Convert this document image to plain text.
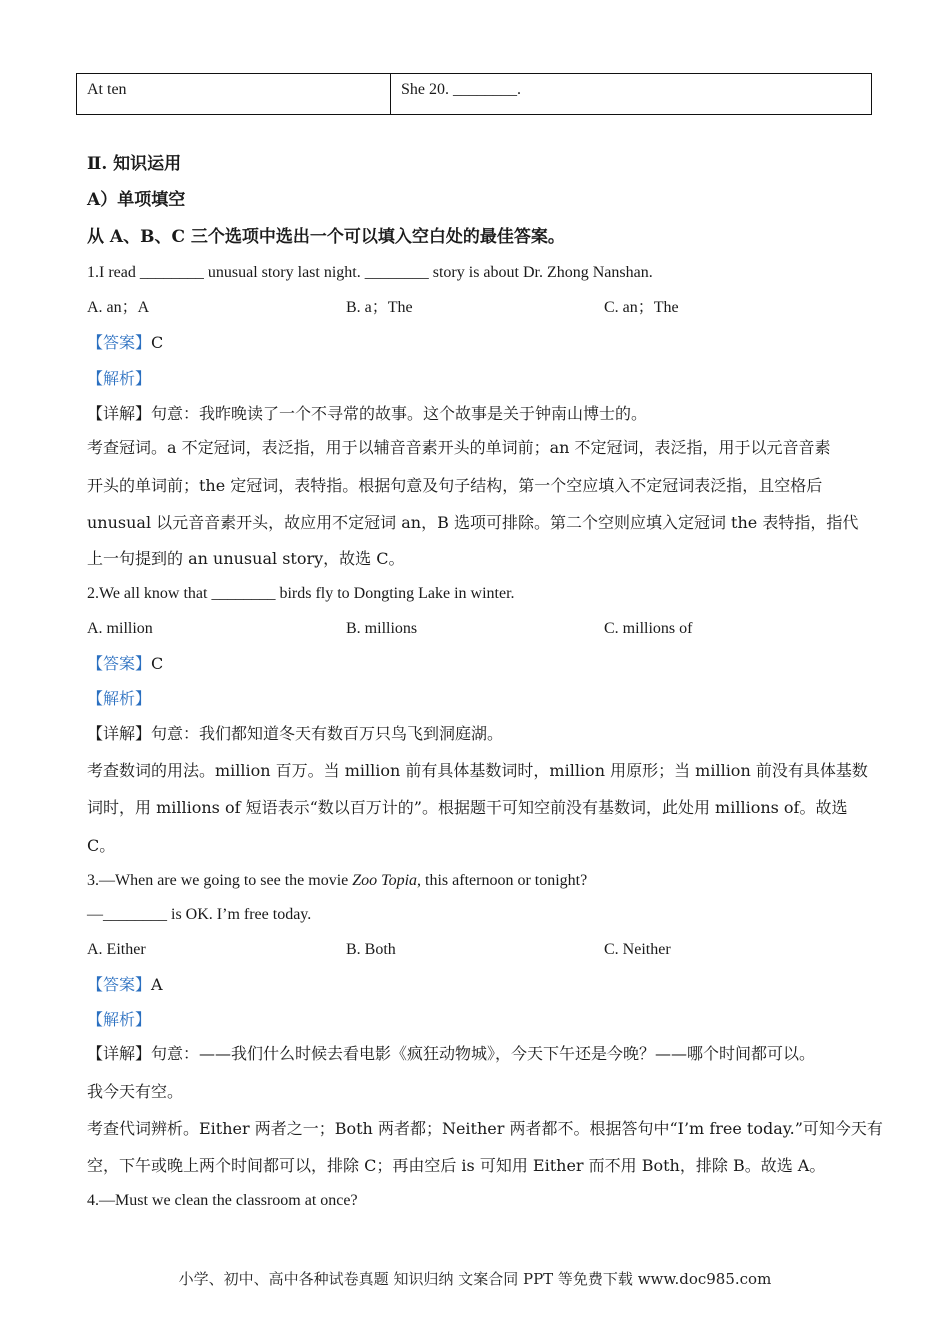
At ten	She 20. ________.
Ⅱ. 知识运用
A）单项填空
从 A、B、C 三个选项中选出一个可以填入空白处的最佳答案。
1.I read ________ unusual story last night. ________ story is about Dr. Zhong Nanshan.
A. an；A	B. a；The	C. an；The
【答案】C
【解析】
【详解】句意：我昨晚读了一个不寻常的故事。这个故事是关于钟南山博士的。
考查冠词。a 不定冠词，表泛指，用于以辅音音素开头的单词前；an 不定冠词，表泛指，用于以元音音素
开头的单词前；the 定冠词，表特指。根据句意及句子结构，第一个空应填入不定冠词表泛指，且空格后
unusual 以元音音素开头，故应用不定冠词 an，B 选项可排除。第二个空则应填入定冠词 the 表特指，指代
上一句提到的 an unusual story，故选 C。
2.We all know that ________ birds fly to Dongting Lake in winter.
A. million	B. millions	C. millions of
【答案】C
【解析】
【详解】句意：我们都知道冬天有数百万只鸟飞到洞庭湖。
考查数词的用法。million 百万。当 million 前有具体基数词时，million 用原形；当 million 前没有具体基数
词时，用 millions of 短语表示“数以百万计的”。根据题干可知空前没有基数词，此处用 millions of。故选
C。
3.—When are we going to see the movie Zoo Topia, this afternoon or tonight?
—________ is OK. I’m free today.
A. Either	B. Both	C. Neither
【答案】A
【解析】
【详解】句意：——我们什么时候去看电影《疯狂动物城》，今天下午还是今晚？——哪个时间都可以。
我今天有空。
考查代词辨析。Either 两者之一；Both 两者都；Neither 两者都不。根据答句中“I’m free today.”可知今天有
空，下午或晚上两个时间都可以，排除 C；再由空后 is 可知用 Either 而不用 Both，排除 B。故选 A。
4.—Must we clean the classroom at once?
小学、初中、高中各种试卷真题 知识归纳 文案合同 PPT 等免费下载 www.doc985.com
